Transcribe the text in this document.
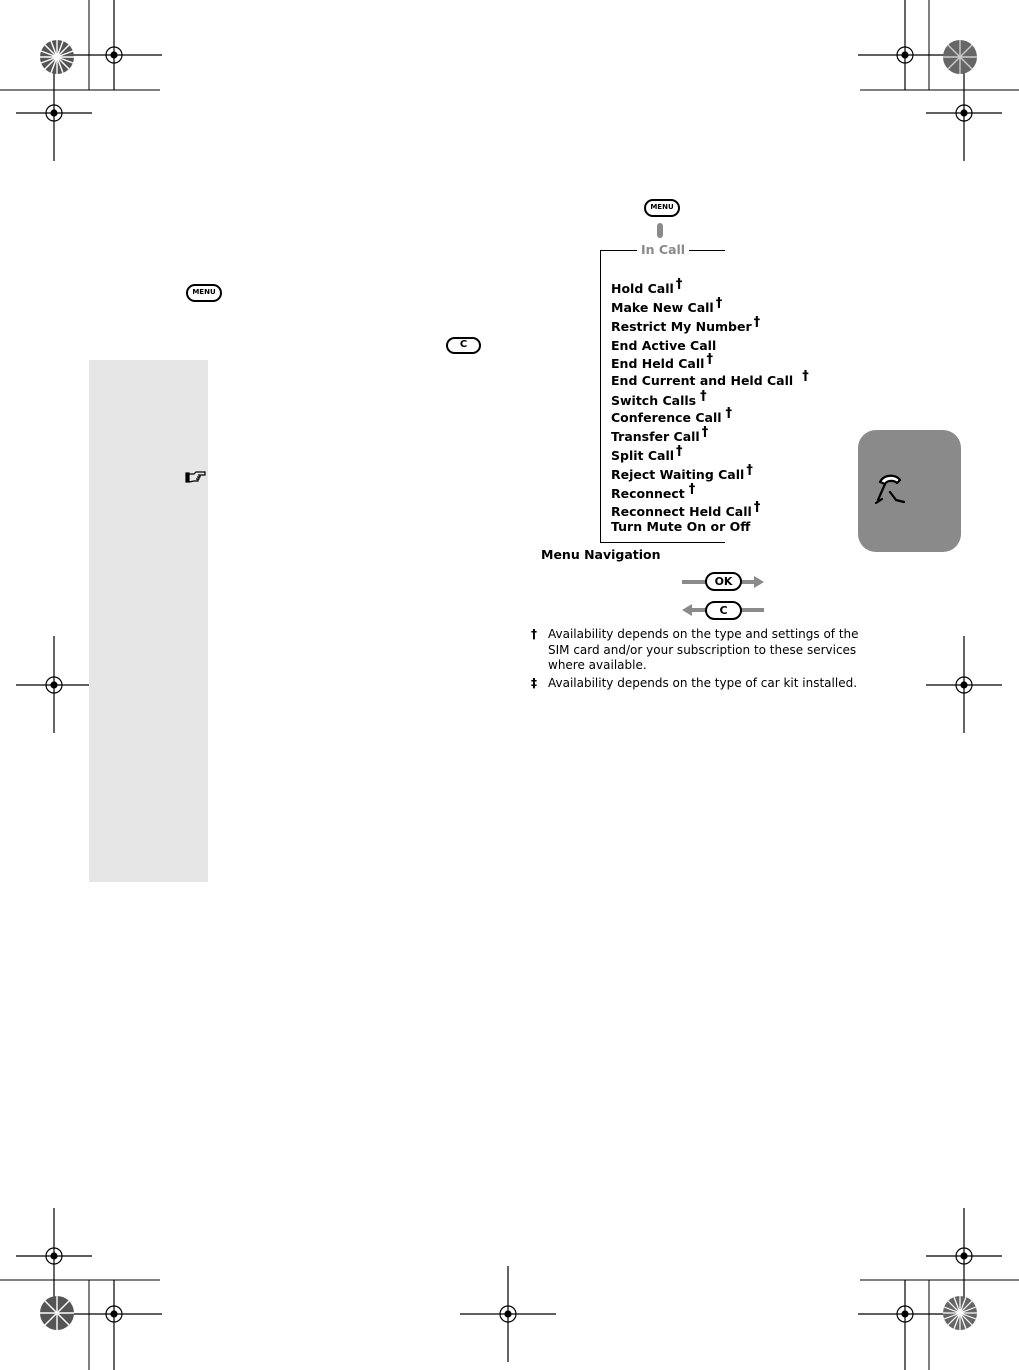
MENU
MENU
C
In Call
Hold Call †
Make New Call †
Restrict My Number †
End Active Call
End Held Call †
End Current and Held Call †
Switch Calls †
Conference Call †
Transfer Call †
Split Call †
Reject Waiting Call †
Reconnect †
Reconnect Held Call †
Turn Mute On or Off
Menu Navigation
OK
C
† Availability depends on the type and settings of the SIM card and/or your subscription to these services where available.
‡ Availability depends on the type of car kit installed.
